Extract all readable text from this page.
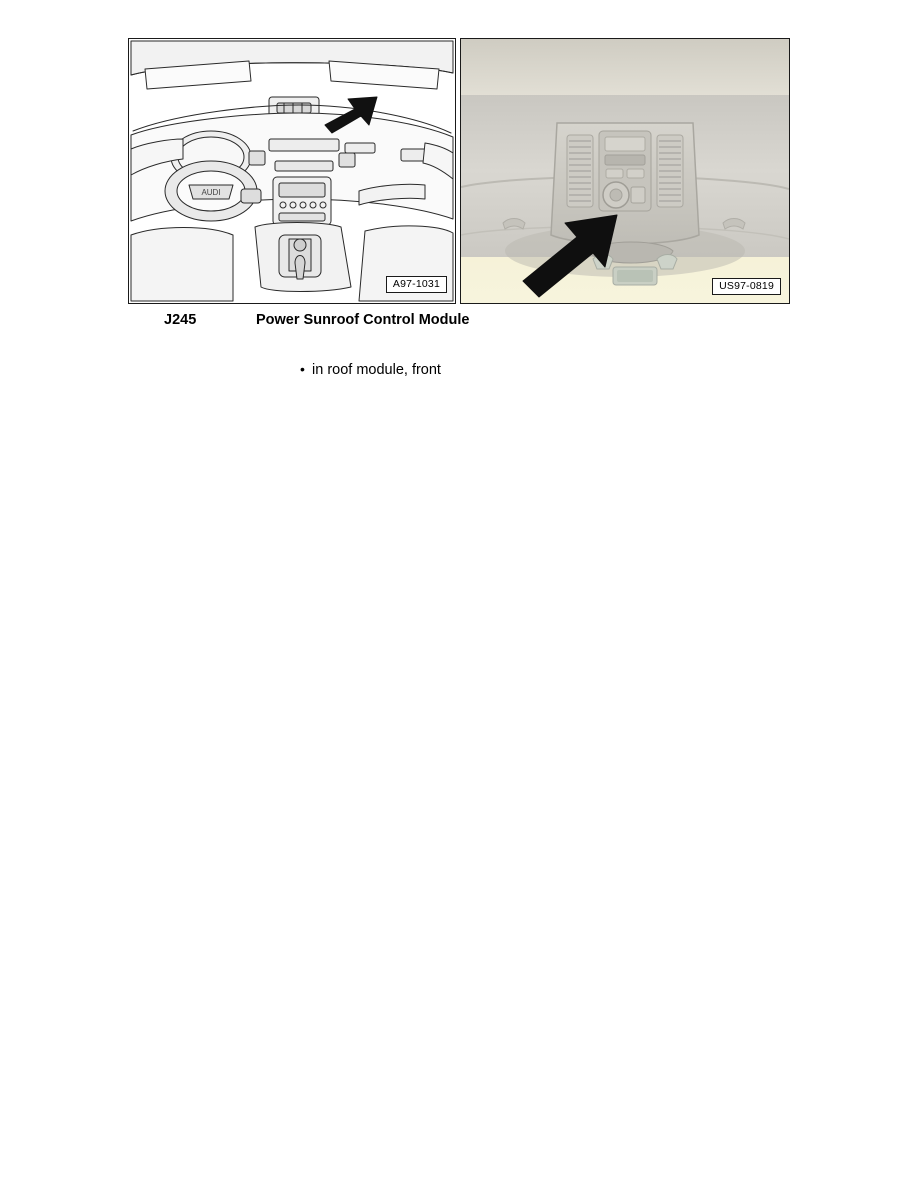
AUDI
A97-1031	US97-0819
J245	Power Sunroof Control Module
• in roof module, front
